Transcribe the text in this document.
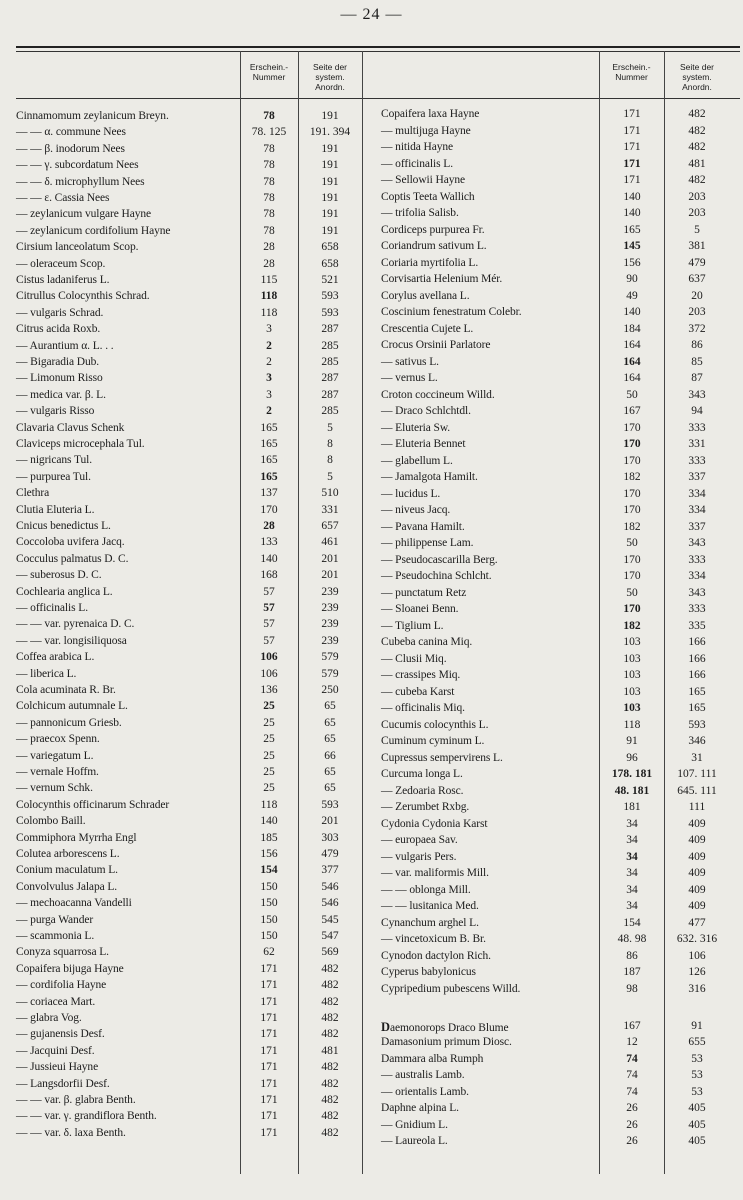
— 24 —
Erschein.-
Nummer
Seite der
system.
Anordn.
Erschein.-
Nummer
Seite der
system.
Anordn.
Cinnamomum zeylanicum Breyn.	78	191
— — α. commune Nees	78. 125	191. 394
— — β. inodorum Nees	78	191
— — γ. subcordatum Nees	78	191
— — δ. microphyllum Nees	78	191
— — ε. Cassia Nees	78	191
— zeylanicum vulgare Hayne	78	191
— zeylanicum cordifolium Hayne	78	191
Cirsium lanceolatum Scop.	28	658
— oleraceum Scop.	28	658
Cistus ladaniferus L.	115	521
Citrullus Colocynthis Schrad.	118	593
— vulgaris Schrad.	118	593
Citrus acida Roxb.	3	287
— Aurantium α. L. . .	2	285
— Bigaradia Dub.	2	285
— Limonum Risso	3	287
— medica var. β. L.	3	287
— vulgaris Risso	2	285
Clavaria Clavus Schenk	165	5
Claviceps microcephala Tul.	165	8
— nigricans Tul.	165	8
— purpurea Tul.	165	5
Clethra	137	510
Clutia Eluteria L.	170	331
Cnicus benedictus L.	28	657
Coccoloba uvifera Jacq.	133	461
Cocculus palmatus D. C.	140	201
— suberosus D. C.	168	201
Cochlearia anglica L.	57	239
— officinalis L.	57	239
— — var. pyrenaica D. C.	57	239
— — var. longisiliquosa	57	239
Coffea arabica L.	106	579
— liberica L.	106	579
Cola acuminata R. Br.	136	250
Colchicum autumnale L.	25	65
— pannonicum Griesb.	25	65
— praecox Spenn.	25	65
— variegatum L.	25	66
— vernale Hoffm.	25	65
— vernum Schk.	25	65
Colocynthis officinarum Schrader	118	593
Colombo Baill.	140	201
Commiphora Myrrha Engl	185	303
Colutea arborescens L.	156	479
Conium maculatum L.	154	377
Convolvulus Jalapa L.	150	546
— mechoacanna Vandelli	150	546
— purga Wander	150	545
— scammonia L.	150	547
Conyza squarrosa L.	62	569
Copaifera bijuga Hayne	171	482
— cordifolia Hayne	171	482
— coriacea Mart.	171	482
— glabra Vog.	171	482
— gujanensis Desf.	171	482
— Jacquini Desf.	171	481
— Jussieui Hayne	171	482
— Langsdorfii Desf.	171	482
— — var. β. glabra Benth.	171	482
— — var. γ. grandiflora Benth.	171	482
— — var. δ. laxa Benth.	171	482
Copaifera laxa Hayne	171	482
— multijuga Hayne	171	482
— nitida Hayne	171	482
— officinalis L.	171	481
— Sellowii Hayne	171	482
Coptis Teeta Wallich	140	203
— trifolia Salisb.	140	203
Cordiceps purpurea Fr.	165	5
Coriandrum sativum L.	145	381
Coriaria myrtifolia L.	156	479
Corvisartia Helenium Mér.	90	637
Corylus avellana L.	49	20
Coscinium fenestratum Colebr.	140	203
Crescentia Cujete L.	184	372
Crocus Orsinii Parlatore	164	86
— sativus L.	164	85
— vernus L.	164	87
Croton coccineum Willd.	50	343
— Draco Schlchtdl.	167	94
— Eluteria Sw.	170	333
— Eluteria Bennet	170	331
— glabellum L.	170	333
— Jamalgota Hamilt.	182	337
— lucidus L.	170	334
— niveus Jacq.	170	334
— Pavana Hamilt.	182	337
— philippense Lam.	50	343
— Pseudocascarilla Berg.	170	333
— Pseudochina Schlcht.	170	334
— punctatum Retz	50	343
— Sloanei Benn.	170	333
— Tiglium L.	182	335
Cubeba canina Miq.	103	166
— Clusii Miq.	103	166
— crassipes Miq.	103	166
— cubeba Karst	103	165
— officinalis Miq.	103	165
Cucumis colocynthis L.	118	593
Cuminum cyminum L.	91	346
Cupressus sempervirens L.	96	31
Curcuma longa L.	178. 181	107. 111
— Zedoaria Rosc.	48. 181	645. 111
— Zerumbet Rxbg.	181	111
Cydonia Cydonia Karst	34	409
— europaea Sav.	34	409
— vulgaris Pers.	34	409
— var. maliformis Mill.	34	409
— — oblonga Mill.	34	409
— — lusitanica Med.	34	409
Cynanchum arghel L.	154	477
— vincetoxicum B. Br.	48. 98	632. 316
Cynodon dactylon Rich.	86	106
Cyperus babylonicus	187	126
Cypripedium pubescens Willd.	98	316
Daemonorops Draco Blume	167	91
Damasonium primum Diosc.	12	655
Dammara alba Rumph	74	53
— australis Lamb.	74	53
— orientalis Lamb.	74	53
Daphne alpina L.	26	405
— Gnidium L.	26	405
— Laureola L.	26	405
